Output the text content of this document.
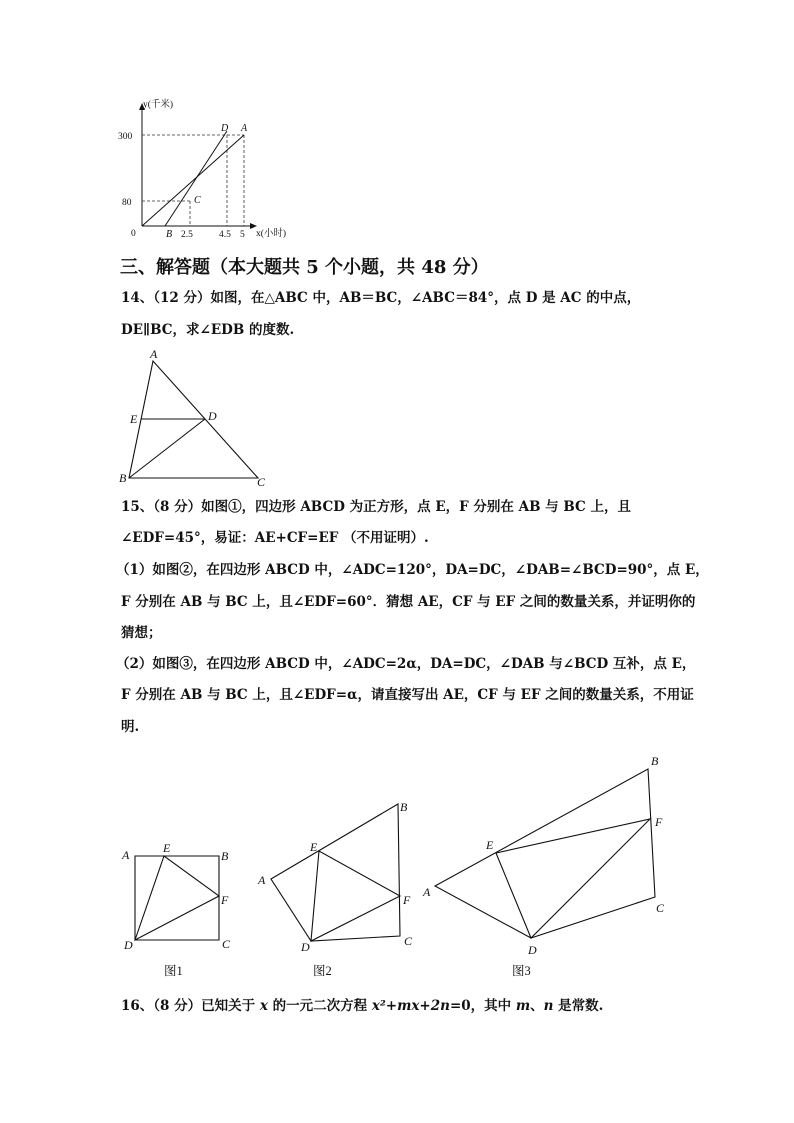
y(千米)
x(小时)
0
80
300
2.5	4.5 5
D A
C
B
三、解答题（本大题共 5 个小题，共 48 分）
14、（12 分）如图，在△ABC 中，AB＝BC，∠ABC＝84°，点 D 是 AC 的中点，
DE∥BC，求∠EDB 的度数.
A
E	D
B	C
15、（8 分）如图①，四边形 ABCD 为正方形，点 E，F 分别在 AB 与 BC 上，且
∠EDF=45°，易证：AE+CF=EF （不用证明）.
（1）如图②，在四边形 ABCD 中，∠ADC=120°，DA=DC，∠DAB=∠BCD=90°，点 E，
F 分别在 AB 与 BC 上，且∠EDF=60°．猜想 AE，CF 与 EF 之间的数量关系，并证明你的
猜想；
（2）如图③，在四边形 ABCD 中，∠ADC=2α，DA=DC，∠DAB 与∠BCD 互补，点 E，
F 分别在 AB 与 BC 上，且∠EDF=α，请直接写出 AE，CF 与 EF 之间的数量关系，不用证
明.
A	E
B
F
D	C
图1
A
E
B
F
D	C
图2
A
E
B
F
D
C
图3
16、（8 分）已知关于 x 的一元二次方程 x²+mx+2n=0，其中 m、n 是常数.
